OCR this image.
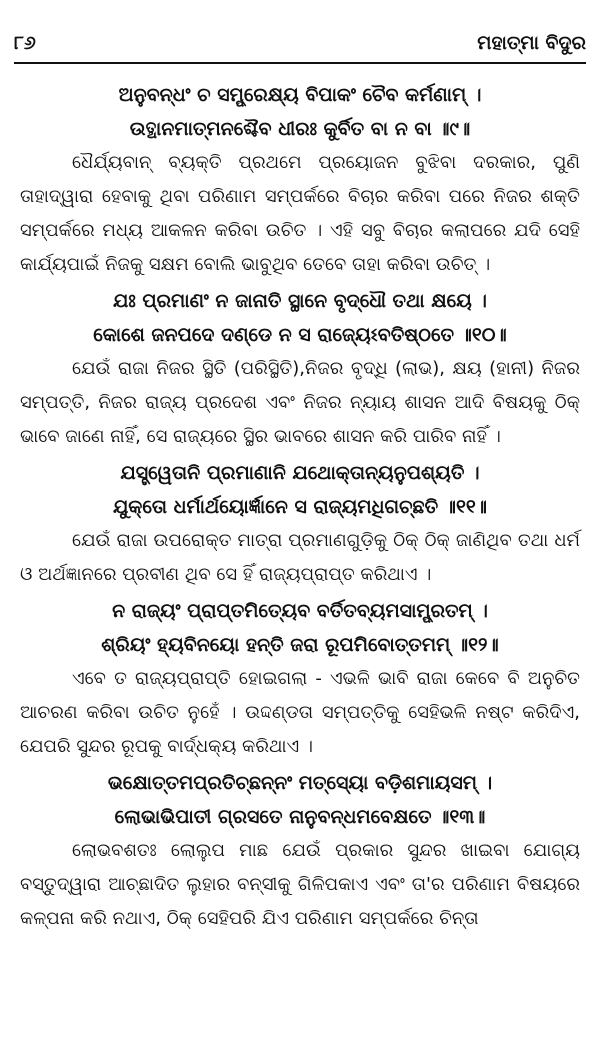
୮୬	ମହାତ୍ମା ବିଦୁର
ଅନୁବନ୍ଧଂ ଚ ସମ୍ପ୍ରେକ୍ଷ୍ୟ ବିପାକଂ ଚୈବ କର୍ମଣାମ୍ ।
ଉତ୍ଥାନମାତ୍ମନଶ୍ଚୈବ ଧୀରଃ କୁର୍ବିତ ବା ନ ବା ॥୯॥

ଧୈର୍ଯ୍ୟବାନ୍ ବ୍ୟକ୍ତି ପ୍ରଥମେ ପ୍ରୟୋଜନ ବୁଝିବା ଦରକାର, ପୁଣି ତାହାଦ୍ୱାରା ହେବାକୁ ଥିବା ପରିଣାମ ସମ୍ପର୍କରେ ବିଚାର କରିବା ପରେ ନିଜର ଶକ୍ତି ସମ୍ପର୍କରେ ମଧ୍ୟ ଆକଳନ କରିବା ଉଚିତ । ଏହି ସବୁ ବିଚାର କଲାପରେ ଯଦି ସେହି କାର୍ଯ୍ୟପାଇଁ ନିଜକୁ ସକ୍ଷମ ବୋଲି ଭାବୁଥିବ ତେବେ ତାହା କରିବା ଉଚିତ୍ ।

ଯଃ ପ୍ରମାଣଂ ନ ଜାନାତି ସ୍ଥାନେ ବୃଦ୍ଧୌ ତଥା କ୍ଷୟେ ।
କୋଶେ ଜନପଦେ ଦଣ୍ଡେ ନ ସ ରାଜ୍ୟେଽବତିଷ୍ଠତେ ॥୧୦॥

ଯେଉଁ ରାଜା ନିଜର ସ୍ଥିତି (ପରିସ୍ଥିତି),ନିଜର ବୃଦ୍ଧି (ଲାଭ), କ୍ଷୟ (ହାନୀ) ନିଜର ସମ୍ପତ୍ତି, ନିଜର ରାଜ୍ୟ ପ୍ରଦେଶ ଏବଂ ନିଜର ନ୍ୟାୟ ଶାସନ ଆଦି ବିଷୟକୁ ଠିକ୍ ଭାବେ ଜାଣେ ନାହିଁ, ସେ ରାଜ୍ୟରେ ସ୍ଥିର ଭାବରେ ଶାସନ କରି ପାରିବ ନାହିଁ ।

ଯସ୍ତ୍ୱେତାନି ପ୍ରମାଣାନି ଯଥୋକ୍ତାନ୍ୟନୁପଶ୍ୟତି ।
ଯୁକ୍ତୋ ଧର୍ମାର୍ଥୟୋର୍ଜ୍ଞାନେ ସ ରାଜ୍ୟମଧିଗଚ୍ଛତି ॥୧୧॥

ଯେଉଁ ରାଜା ଉପରୋକ୍ତ ମାତ୍ରା ପ୍ରମାଣଗୁଡ଼ିକୁ ଠିକ୍ ଠିକ୍ ଜାଣିଥିବ ତଥା ଧର୍ମ ଓ ଅର୍ଥଜ୍ଞାନରେ ପ୍ରବୀଣ ଥିବ ସେ ହିଁ ରାଜ୍ୟପ୍ରାପ୍ତ କରିଥାଏ ।

ନ ରାଜ୍ୟଂ ପ୍ରାପ୍ତମିତ୍ୟେବ ବର୍ତିତବ୍ୟମସାମ୍ପ୍ରତମ୍ ।
ଶ୍ରିୟଂ ହ୍ୟବିନୟୋ ହନ୍ତି ଜରା ରୂପମିବୋତ୍ତମମ୍ ॥୧୨॥

ଏବେ ତ ରାଜ୍ୟପ୍ରାପ୍ତି ହୋଇଗଲା - ଏଭଳି ଭାବି ରାଜା କେବେ ବି ଅନୁଚିତ ଆଚରଣ କରିବା ଉଚିତ ନୁହେଁ । ଉଦ୍ଦଣ୍ଡତା ସମ୍ପତ୍ତିକୁ ସେହିଭଳି ନଷ୍ଟ କରିଦିଏ, ଯେପରି ସୁନ୍ଦର ରୂପକୁ ବାର୍ଦ୍ଧକ୍ୟ କରିଥାଏ ।

ଭକ୍ଷୋତ୍ତମପ୍ରତିଚ୍ଛନ୍ନଂ ମତ୍ସ୍ୟୋ ବଡ଼ିଶମାୟସମ୍ ।
ଲୋଭାଭିପାତୀ ଗ୍ରସତେ ନାନୁବନ୍ଧମବେକ୍ଷତେ ॥୧୩॥

ଲୋଭବଶତଃ ଲୋଲୁପ ମାଛ ଯେଉଁ ପ୍ରକାର ସୁନ୍ଦର ଖାଇବା ଯୋଗ୍ୟ ବସ୍ତୁଦ୍ୱାରା ଆଚ୍ଛାଦିତ ଲୁହାର ବନ୍ସୀକୁ ଗିଳିପକାଏ ଏବଂ ତା'ର ପରିଣାମ ବିଷୟରେ କଳ୍ପନା କରି ନଥାଏ, ଠିକ୍ ସେହିପରି ଯିଏ ପରିଣାମ ସମ୍ପର୍କରେ ଚିନ୍ତା
